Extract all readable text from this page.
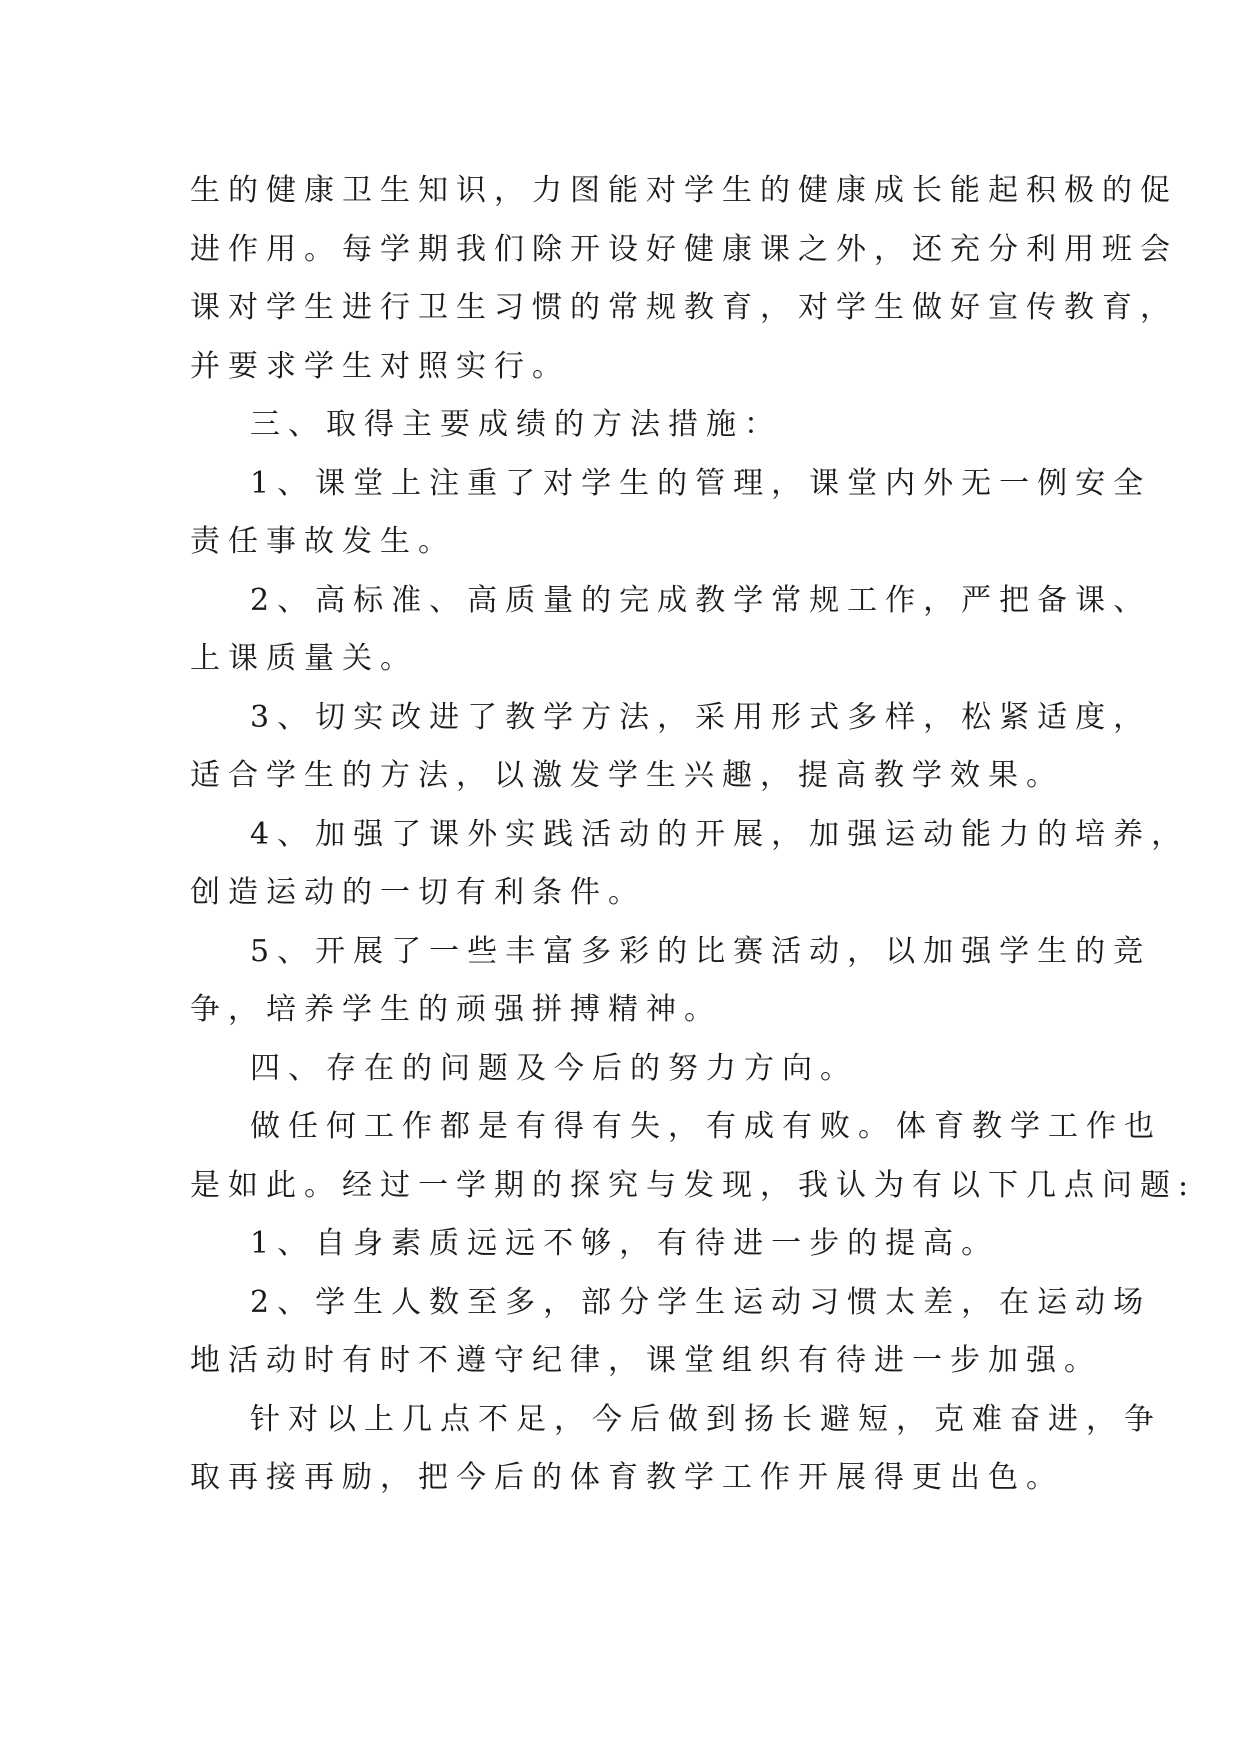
生的健康卫生知识，力图能对学生的健康成长能起积极的促
进作用。每学期我们除开设好健康课之外，还充分利用班会
课对学生进行卫生习惯的常规教育，对学生做好宣传教育，
并要求学生对照实行。

三、取得主要成绩的方法措施：

1、课堂上注重了对学生的管理，课堂内外无一例安全
责任事故发生。

2、高标准、高质量的完成教学常规工作，严把备课、
上课质量关。

3、切实改进了教学方法，采用形式多样，松紧适度，
适合学生的方法，以激发学生兴趣，提高教学效果。

4、加强了课外实践活动的开展，加强运动能力的培养，
创造运动的一切有利条件。

5、开展了一些丰富多彩的比赛活动，以加强学生的竞
争，培养学生的顽强拼搏精神。

四、存在的问题及今后的努力方向。

做任何工作都是有得有失，有成有败。体育教学工作也
是如此。经过一学期的探究与发现，我认为有以下几点问题:

1、自身素质远远不够，有待进一步的提高。

2、学生人数至多，部分学生运动习惯太差，在运动场
地活动时有时不遵守纪律，课堂组织有待进一步加强。

针对以上几点不足，今后做到扬长避短，克难奋进，争
取再接再励，把今后的体育教学工作开展得更出色。
